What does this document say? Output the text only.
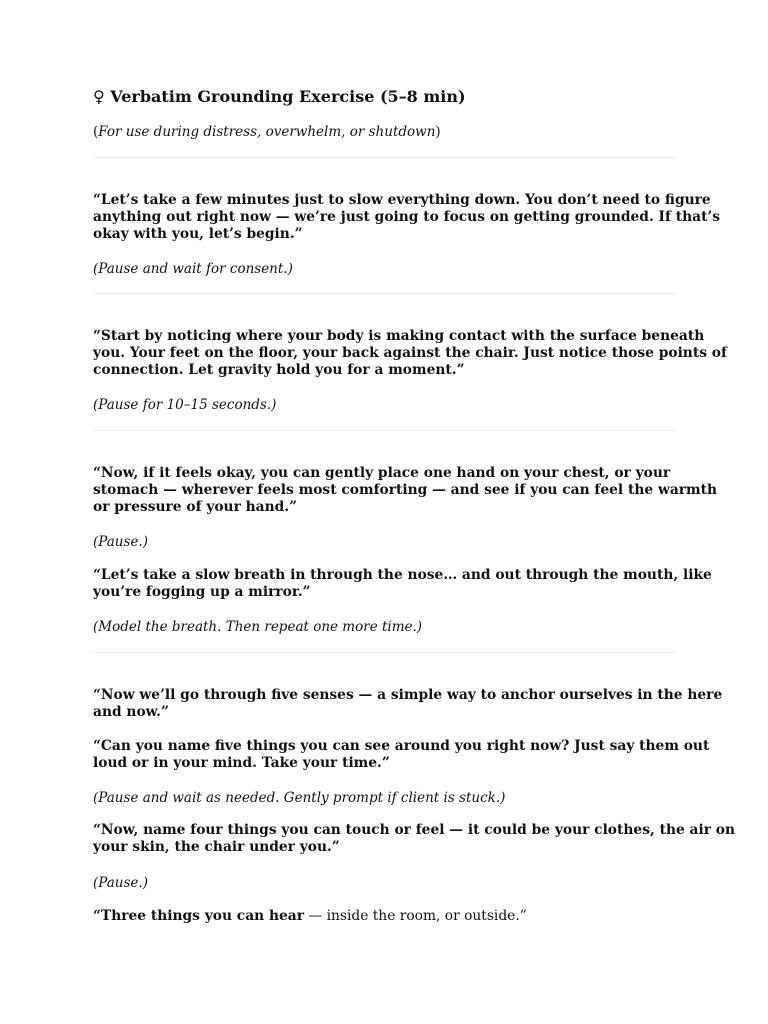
♀ Verbatim Grounding Exercise (5–8 min)
(For use during distress, overwhelm, or shutdown)
“Let’s take a few minutes just to slow everything down. You don’t need to figure
anything out right now — we’re just going to focus on getting grounded. If that’s
okay with you, let’s begin.”
(Pause and wait for consent.)
“Start by noticing where your body is making contact with the surface beneath
you. Your feet on the floor, your back against the chair. Just notice those points of
connection. Let gravity hold you for a moment.”
(Pause for 10–15 seconds.)
“Now, if it feels okay, you can gently place one hand on your chest, or your
stomach — wherever feels most comforting — and see if you can feel the warmth
or pressure of your hand.”
(Pause.)
“Let’s take a slow breath in through the nose… and out through the mouth, like
you’re fogging up a mirror.”
(Model the breath. Then repeat one more time.)
“Now we’ll go through five senses — a simple way to anchor ourselves in the here
and now.”
“Can you name five things you can see around you right now? Just say them out
loud or in your mind. Take your time.”
(Pause and wait as needed. Gently prompt if client is stuck.)
“Now, name four things you can touch or feel — it could be your clothes, the air on
your skin, the chair under you.”
(Pause.)
“Three things you can hear — inside the room, or outside.”
